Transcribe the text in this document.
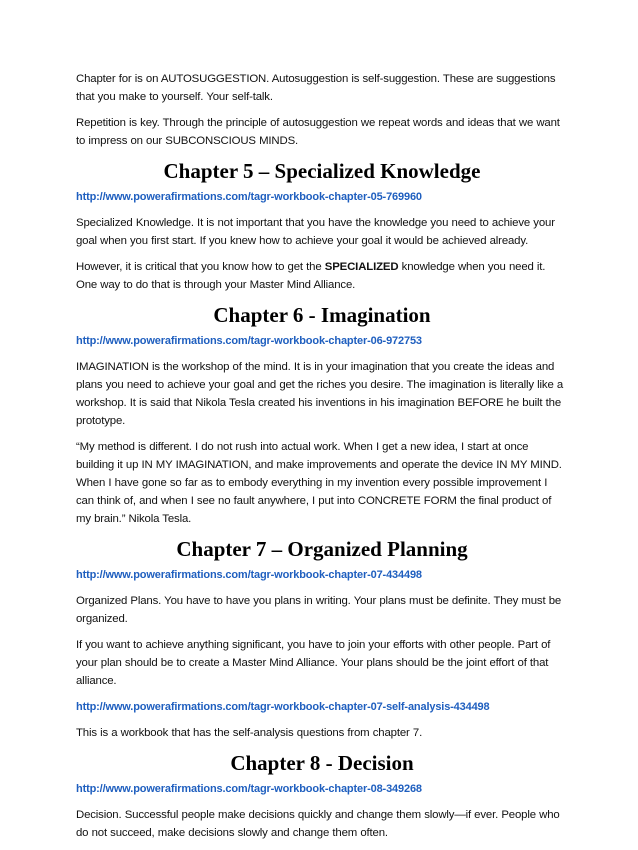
Chapter for is on AUTOSUGGESTION. Autosuggestion is self-suggestion. These are suggestions that you make to yourself. Your self-talk.

Repetition is key. Through the principle of autosuggestion we repeat words and ideas that we want to impress on our SUBCONSCIOUS MINDS.

Chapter 5 – Specialized Knowledge
http://www.powerafirmations.com/tagr-workbook-chapter-05-769960

Specialized Knowledge. It is not important that you have the knowledge you need to achieve your goal when you first start. If you knew how to achieve your goal it would be achieved already.

However, it is critical that you know how to get the SPECIALIZED knowledge when you need it. One way to do that is through your Master Mind Alliance.

Chapter 6 - Imagination
http://www.powerafirmations.com/tagr-workbook-chapter-06-972753

IMAGINATION is the workshop of the mind. It is in your imagination that you create the ideas and plans you need to achieve your goal and get the riches you desire. The imagination is literally like a workshop. It is said that Nikola Tesla created his inventions in his imagination BEFORE he built the prototype.

“My method is different. I do not rush into actual work. When I get a new idea, I start at once building it up IN MY IMAGINATION, and make improvements and operate the device IN MY MIND. When I have gone so far as to embody everything in my invention every possible improvement I can think of, and when I see no fault anywhere, I put into CONCRETE FORM the final product of my brain.” Nikola Tesla.

Chapter 7 – Organized Planning
http://www.powerafirmations.com/tagr-workbook-chapter-07-434498

Organized Plans. You have to have you plans in writing. Your plans must be definite. They must be organized.

If you want to achieve anything significant, you have to join your efforts with other people. Part of your plan should be to create a Master Mind Alliance. Your plans should be the joint effort of that alliance.

http://www.powerafirmations.com/tagr-workbook-chapter-07-self-analysis-434498

This is a workbook that has the self-analysis questions from chapter 7.

Chapter 8 - Decision
http://www.powerafirmations.com/tagr-workbook-chapter-08-349268

Decision. Successful people make decisions quickly and change them slowly—if ever. People who do not succeed, make decisions slowly and change them often.
